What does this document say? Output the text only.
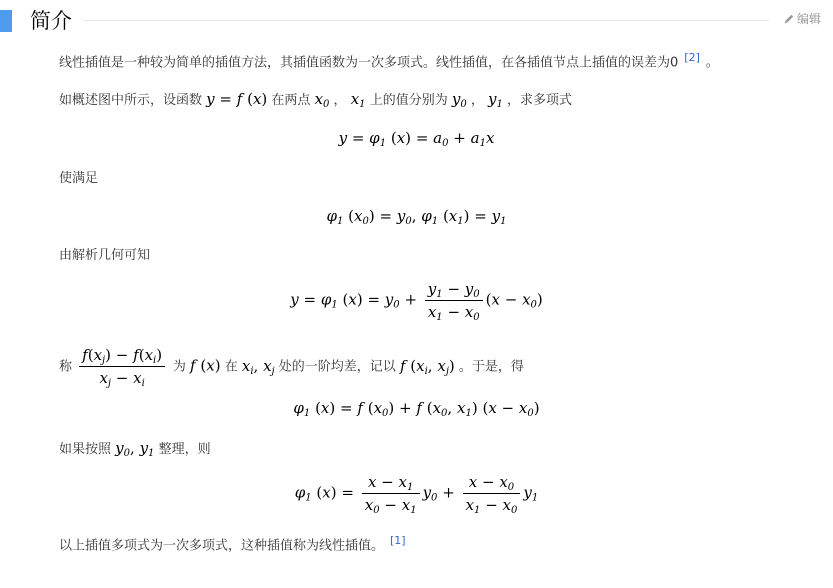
简介	编辑
线性插值是一种较为简单的插值方法，其插值函数为一次多项式。线性插值，在各插值节点上插值的误差为0 [2] 。
如概述图中所示，设函数 y = f (x) 在两点 $x_0$ ， $x_1$ 上的值分别为 $y_0$ ， $y_1$ ，求多项式
$y = \varphi_1$ $(x) = a_0 + a_1x$
使满足
$\varphi_1$ $(x_0) = y_0$, $\varphi_1$ $(x_1) = y_1$
由解析几何可知
$y = \varphi_1$ $(x) = y_0 + \frac{y_1 - y_0}{x_1 - x_0} (x - x_0)$
称 $\frac{f(x_j) - f(x_i)}{x_j - x_i}$ 为 f (x) 在 $x_i$, $x_j$ 处的一阶均差，记以 f ($x_i$, $x_j$) 。于是，得
$\varphi_1$ (x) = f $(x_0) + f$ ($x_0$, $x_1$) $(x - x_0)$
如果按照 $y_0$, $y_1$ 整理，则
$\varphi_1$ $(x) = \frac{x - x_1}{x_0 - x_1} y_0 + \frac{x - x_0}{x_1 - x_0} y_1$
以上插值多项式为一次多项式，这种插值称为线性插值。 [1]
